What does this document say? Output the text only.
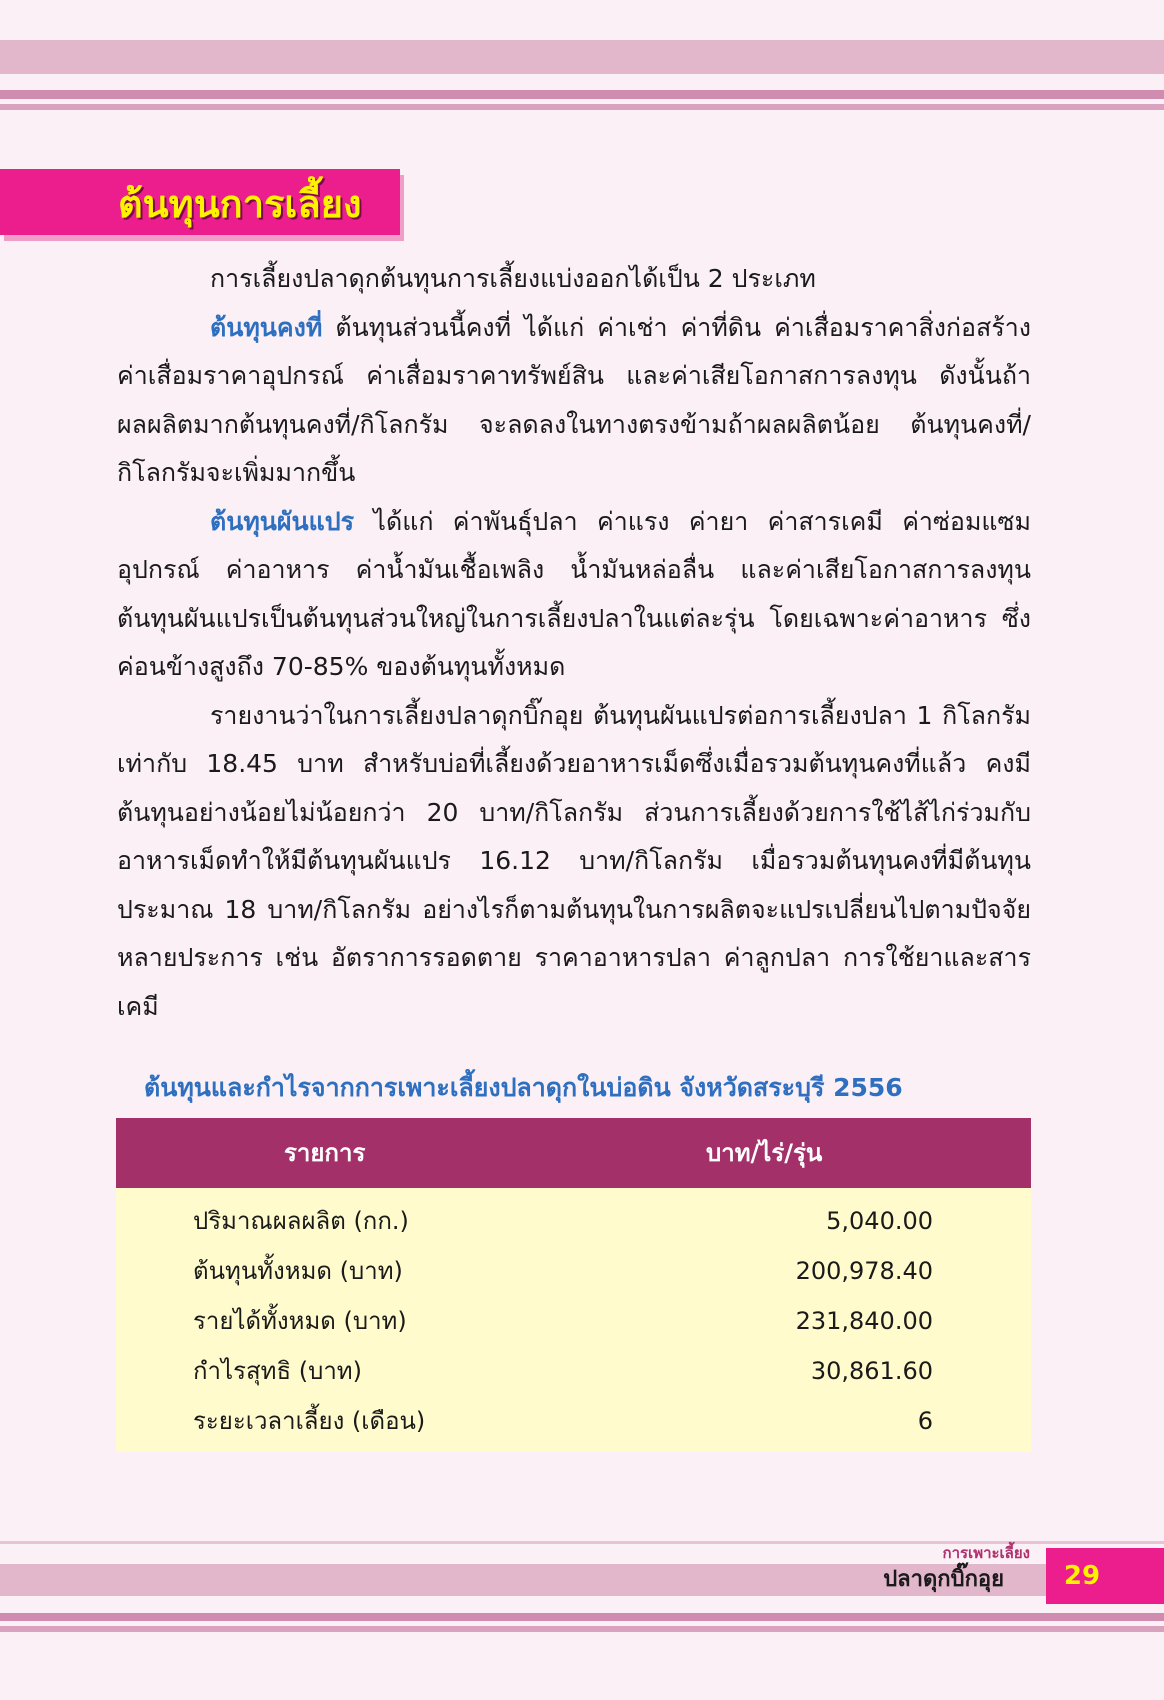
ต้นทุนการเลี้ยง

การเลี้ยงปลาดุกต้นทุนการเลี้ยงแบ่งออกได้เป็น 2 ประเภท

ต้นทุนคงที่ ต้นทุนส่วนนี้คงที่ ได้แก่ ค่าเช่า ค่าที่ดิน ค่าเสื่อมราคาสิ่งก่อสร้าง ค่าเสื่อมราคาอุปกรณ์ ค่าเสื่อมราคาทรัพย์สิน และค่าเสียโอกาสการลงทุน ดังนั้นถ้าผลผลิตมากต้นทุนคงที่/กิโลกรัม จะลดลงในทางตรงข้ามถ้าผลผลิตน้อย ต้นทุนคงที่/กิโลกรัมจะเพิ่มมากขึ้น

ต้นทุนผันแปร ได้แก่ ค่าพันธุ์ปลา ค่าแรง ค่ายา ค่าสารเคมี ค่าซ่อมแซมอุปกรณ์ ค่าอาหาร ค่าน้ำมันเชื้อเพลิง น้ำมันหล่อลื่น และค่าเสียโอกาสการลงทุน ต้นทุนผันแปรเป็นต้นทุนส่วนใหญ่ในการเลี้ยงปลาในแต่ละรุ่น โดยเฉพาะค่าอาหาร ซึ่งค่อนข้างสูงถึง 70-85% ของต้นทุนทั้งหมด

รายงานว่าในการเลี้ยงปลาดุกบิ๊กอุย ต้นทุนผันแปรต่อการเลี้ยงปลา 1 กิโลกรัม เท่ากับ 18.45 บาท สำหรับบ่อที่เลี้ยงด้วยอาหารเม็ดซึ่งเมื่อรวมต้นทุนคงที่แล้ว คงมีต้นทุนอย่างน้อยไม่น้อยกว่า 20 บาท/กิโลกรัม ส่วนการเลี้ยงด้วยการใช้ไส้ไก่ร่วมกับอาหารเม็ดทำให้มีต้นทุนผันแปร 16.12 บาท/กิโลกรัม เมื่อรวมต้นทุนคงที่มีต้นทุนประมาณ 18 บาท/กิโลกรัม อย่างไรก็ตามต้นทุนในการผลิตจะแปรเปลี่ยนไปตามปัจจัยหลายประการ เช่น อัตราการรอดตาย ราคาอาหารปลา ค่าลูกปลา การใช้ยาและสารเคมี

ต้นทุนและกำไรจากการเพาะเลี้ยงปลาดุกในบ่อดิน จังหวัดสระบุรี 2556
รายการ	บาท/ไร่/รุ่น
ปริมาณผลผลิต (กก.)	5,040.00
ต้นทุนทั้งหมด (บาท)	200,978.40
รายได้ทั้งหมด (บาท)	231,840.00
กำไรสุทธิ (บาท)	30,861.60
ระยะเวลาเลี้ยง (เดือน)	6
การเพาะเลี้ยง
ปลาดุกบิ๊กอุย	29
